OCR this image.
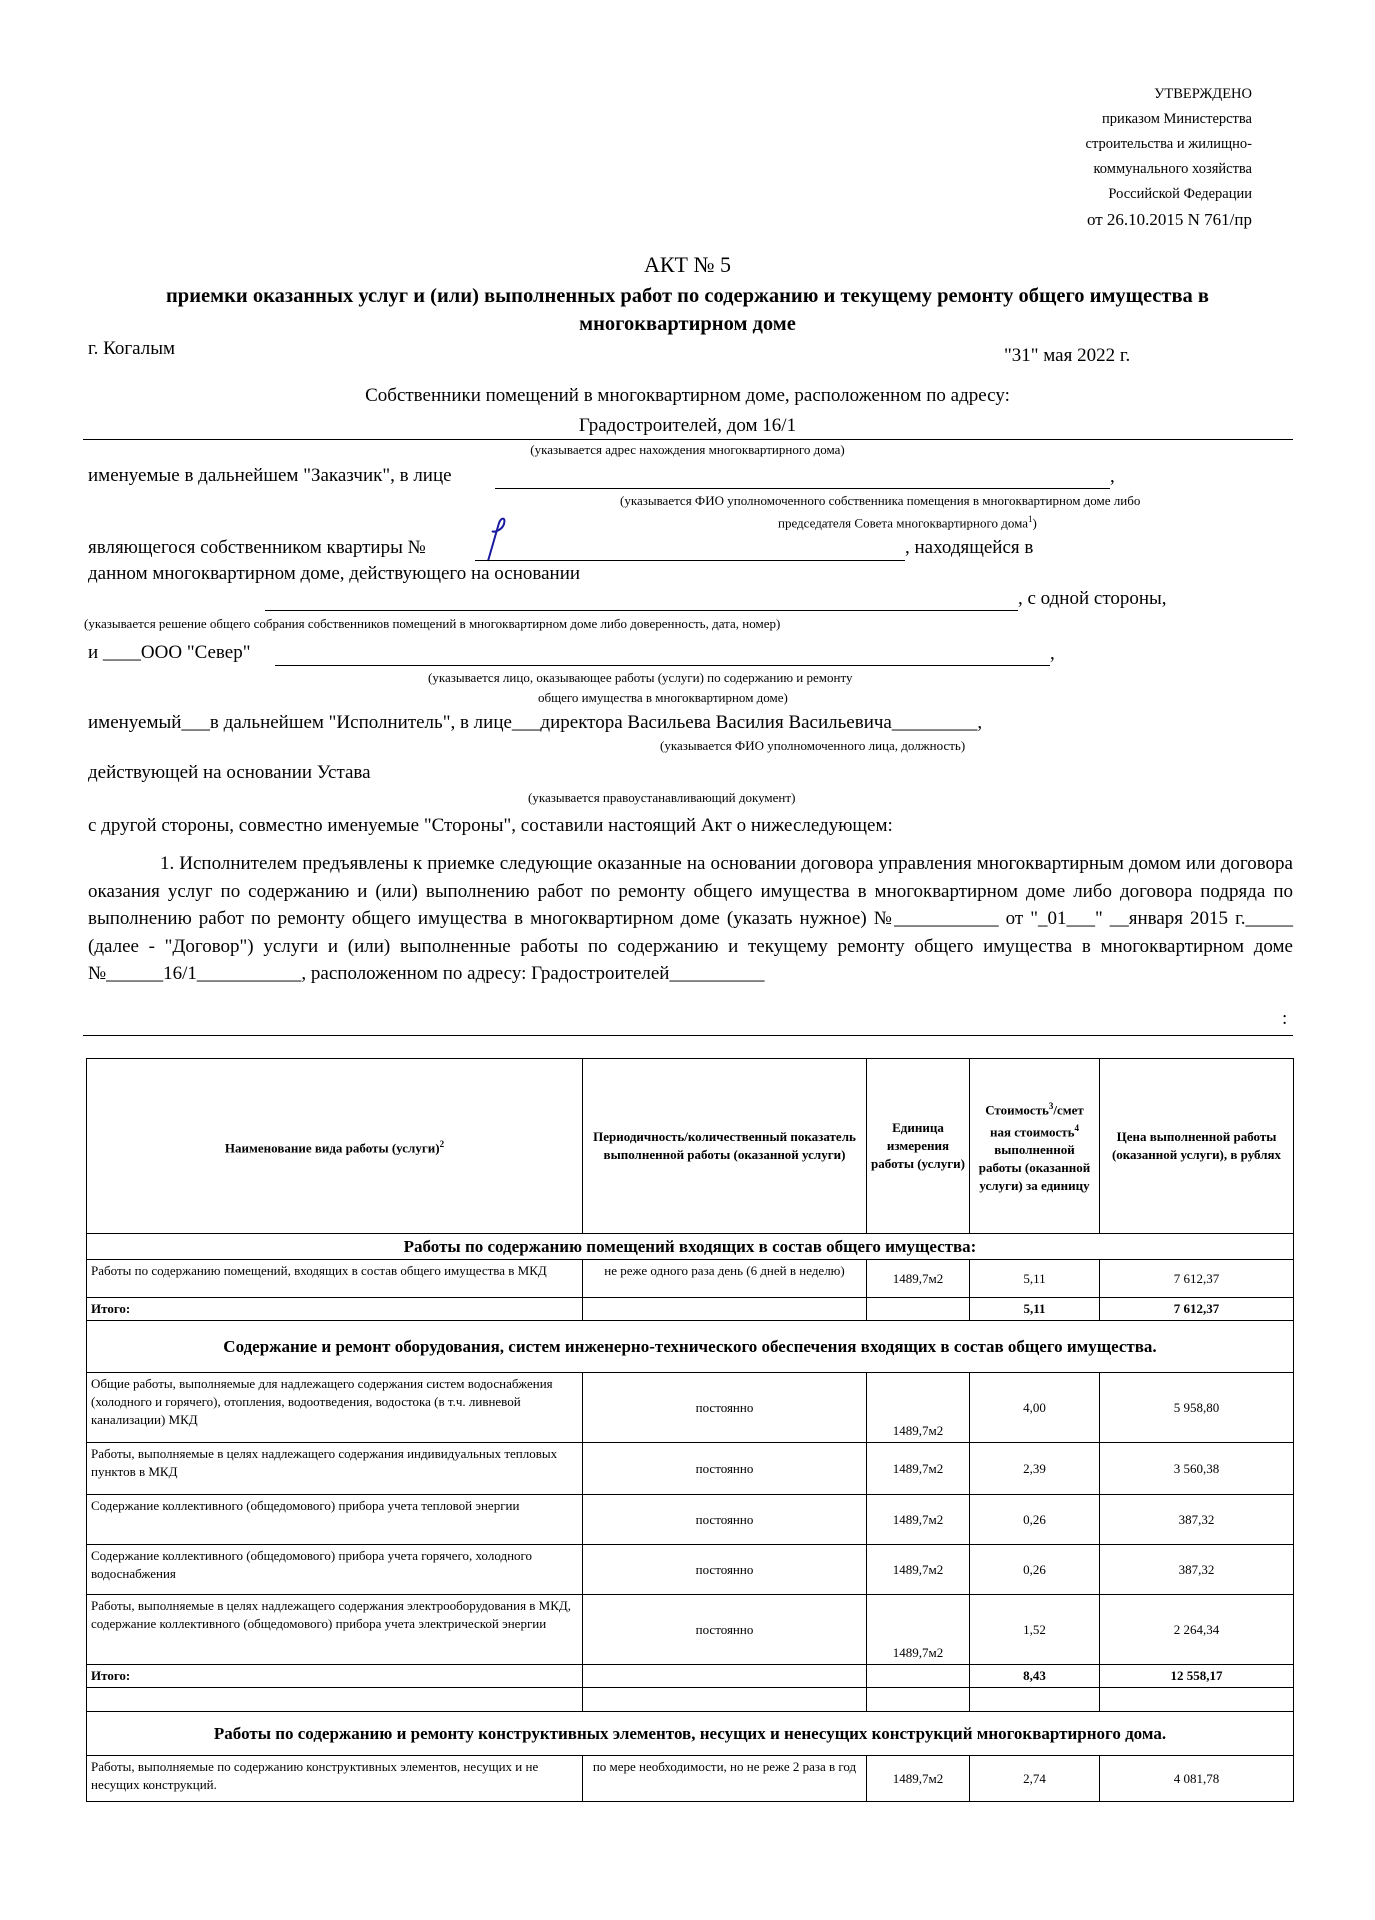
УТВЕРЖДЕНО
приказом Министерства
строительства и жилищно-
коммунального хозяйства
Российской Федерации
от 26.10.2015 N 761/пр
АКТ № 5
приемки оказанных услуг и (или) выполненных работ по содержанию и текущему ремонту общего имущества в многоквартирном доме
г. Когалым	"31" мая 2022 г.
Собственники помещений в многоквартирном доме, расположенном по адресу:
Градостроителей, дом 16/1
(указывается адрес нахождения многоквартирного дома)
именуемые в дальнейшем "Заказчик", в лице	,
(указывается ФИО уполномоченного собственника помещения в многоквартирном доме либо
председателя Совета многоквартирного дома$^1$)
являющегося собственником квартиры №	, находящейся в
данном многоквартирном доме, действующего на основании
, с одной стороны,
(указывается решение общего собрания собственников помещений в многоквартирном доме либо доверенность, дата, номер)
и ____ООО "Север"	,
(указывается лицо, оказывающее работы (услуги) по содержанию и ремонту
общего имущества в многоквартирном доме)
именуемый___в дальнейшем "Исполнитель", в лице___директора Васильева Василия Васильевича_________,
(указывается ФИО уполномоченного лица, должность)
действующей на основании Устава
(указывается правоустанавливающий документ)
с другой стороны, совместно именуемые "Стороны", составили настоящий Акт о нижеследующем:
1. Исполнителем предъявлены к приемке следующие оказанные на основании договора управления многоквартирным домом или договора оказания услуг по содержанию и (или) выполнению работ по ремонту общего имущества в многоквартирном доме либо договора подряда по выполнению работ по ремонту общего имущества в многоквартирном доме (указать нужное) №___________ от "_01___" __января 2015 г._____ (далее - "Договор") услуги и (или) выполненные работы по содержанию и текущему ремонту общего имущества в многоквартирном доме №______16/1___________, расположенном по адресу: Градостроителей__________
:
Наименование вида работы (услуги)$^2$	Периодичность/количественный показатель выполненной работы (оказанной услуги)	Единица измерения работы (услуги)	Стоимость$^3$/смет ная стоимость$^4$ выполненной работы (оказанной услуги) за единицу	Цена выполненной работы (оказанной услуги), в рублях
Работы по содержанию помещений входящих в состав общего имущества:				
Работы по содержанию помещений, входящих в состав общего имущества в МКД	не реже одного раза день (6 дней в неделю)	1489,7м2	5,11	7 612,37
Итого:			5,11	7 612,37
Содержание и ремонт оборудования, систем инженерно-технического обеспечения входящих в состав общего имущества.				
Общие работы, выполняемые для надлежащего содержания систем водоснабжения (холодного и горячего), отопления, водоотведения, водостока (в т.ч. ливневой канализации) МКД	постоянно	1489,7м2	4,00	5 958,80
Работы, выполняемые в целях надлежащего содержания индивидуальных тепловых пунктов в МКД	постоянно	1489,7м2	2,39	3 560,38
Содержание коллективного (общедомового) прибора учета тепловой энергии	постоянно	1489,7м2	0,26	387,32
Содержание коллективного (общедомового) прибора учета горячего, холодного водоснабжения	постоянно	1489,7м2	0,26	387,32
Работы, выполняемые в целях надлежащего содержания электрооборудования в МКД, содержание коллективного (общедомового) прибора учета электрической энергии	постоянно	1489,7м2	1,52	2 264,34
Итого:			8,43	12 558,17

Работы по содержанию и ремонту конструктивных элементов, несущих и ненесущих конструкций многоквартирного дома.				
Работы, выполняемые по содержанию конструктивных элементов, несущих и не несущих конструкций.	по мере необходимости, но не реже 2 раза в год	1489,7м2	2,74	4 081,78
